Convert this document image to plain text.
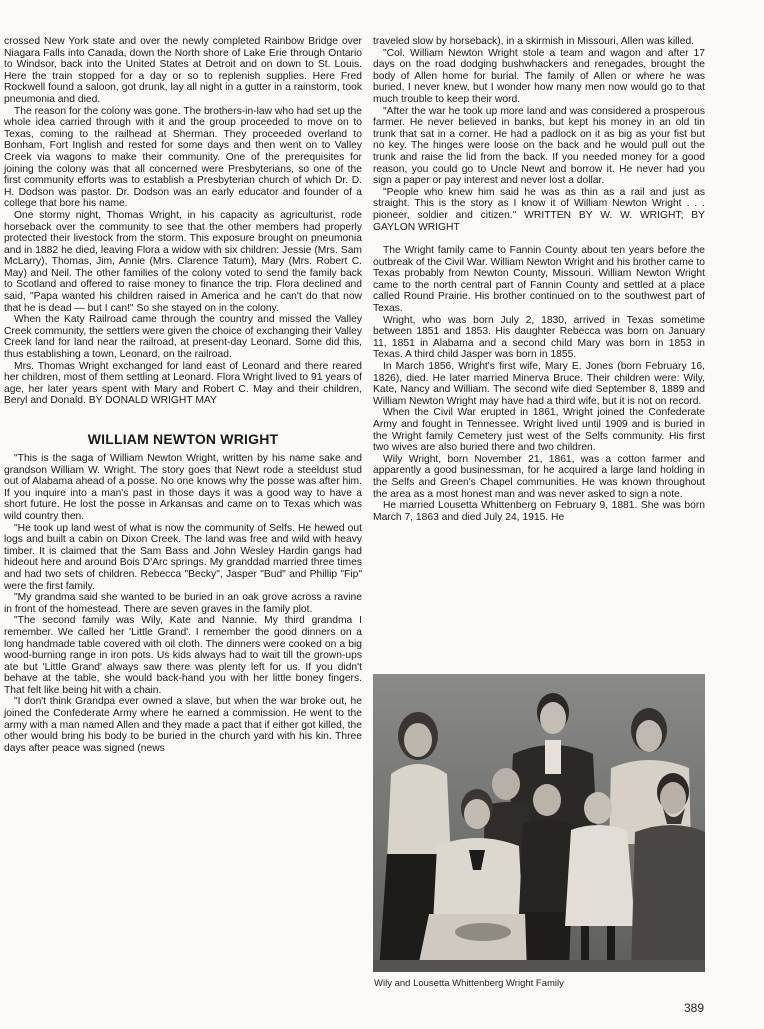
crossed New York state and over the newly completed Rainbow Bridge over Niagara Falls into Canada, down the North shore of Lake Erie through Ontario to Windsor, back into the United States at Detroit and on down to St. Louis. Here the train stopped for a day or so to replenish supplies. Here Fred Rockwell found a saloon, got drunk, lay all night in a gutter in a rainstorm, took pneumonia and died.

The reason for the colony was gone. The brothers-in-law who had set up the whole idea carried through with it and the group proceeded to move on to Texas, coming to the railhead at Sherman. They proceeded overland to Bonham, Fort Inglish and rested for some days and then went on to Valley Creek via wagons to make their community. One of the prerequisites for joining the colony was that all concerned were Presbyterians, so one of the first community efforts was to establish a Presbyterian church of which Dr. D. H. Dodson was pastor. Dr. Dodson was an early educator and founder of a college that bore his name.

One stormy night, Thomas Wright, in his capacity as agriculturist, rode horseback over the community to see that the other members had properly protected their livestock from the storm. This exposure brought on pneumonia and in 1882 he died, leaving Flora a widow with six children: Jessie (Mrs. Sam McLarry), Thomas, Jim, Annie (Mrs. Clarence Tatum), Mary (Mrs. Robert C. May) and Neil. The other families of the colony voted to send the family back to Scotland and offered to raise money to finance the trip. Flora declined and said, "Papa wanted his children raised in America and he can't do that now that he is dead — but I can!" So she stayed on in the colony.

When the Katy Railroad came through the country and missed the Valley Creek community, the settlers were given the choice of exchanging their Valley Creek land for land near the railroad, at present-day Leonard. Some did this, thus establishing a town, Leonard, on the railroad.

Mrs. Thomas Wright exchanged for land east of Leonard and there reared her children, most of them settling at Leonard. Flora Wright lived to 91 years of age, her later years spent with Mary and Robert C. May and their children, Beryl and Donald. BY DONALD WRIGHT MAY

WILLIAM NEWTON WRIGHT

"This is the saga of William Newton Wright, written by his name sake and grandson William W. Wright. The story goes that Newt rode a steeldust stud out of Alabama ahead of a posse. No one knows why the posse was after him. If you inquire into a man's past in those days it was a good way to have a short future. He lost the posse in Arkansas and came on to Texas which was wild country then.

"He took up land west of what is now the community of Selfs. He hewed out logs and built a cabin on Dixon Creek. The land was free and wild with heavy timber. It is claimed that the Sam Bass and John Wesley Hardin gangs had hideout here and around Bois D'Arc springs. My granddad married three times and had two sets of children. Rebecca "Becky", Jasper "Bud" and Phillip "Fip" were the first family.

"My grandma said she wanted to be buried in an oak grove across a ravine in front of the homestead. There are seven graves in the family plot.

"The second family was Wily, Kate and Nannie. My third grandma I remember. We called her 'Little Grand'. I remember the good dinners on a long handmade table covered with oil cloth. The dinners were cooked on a big wood-burning range in iron pots. Us kids always had to wait till the grown-ups ate but 'Little Grand' always saw there was plenty left for us. If you didn't behave at the table, she would back-hand you with her little boney fingers. That felt like being hit with a chain.

"I don't think Grandpa ever owned a slave, but when the war broke out, he joined the Confederate Army where he earned a commission. He went to the army with a man named Allen and they made a pact that if either got killed, the other would bring his body to be buried in the church yard with his kin. Three days after peace was signed (news

traveled slow by horseback), in a skirmish in Missouri, Allen was killed.

"Col. William Newton Wright stole a team and wagon and after 17 days on the road dodging bushwhackers and renegades, brought the body of Allen home for burial. The family of Allen or where he was buried, I never knew, but I wonder how many men now would go to that much trouble to keep their word.

"After the war he took up more land and was considered a prosperous farmer. He never believed in banks, but kept his money in an old tin trunk that sat in a corner. He had a padlock on it as big as your fist but no key. The hinges were loose on the back and he would pull out the trunk and raise the lid from the back. If you needed money for a good reason, you could go to Uncle Newt and borrow it. He never had you sign a paper or pay interest and never lost a dollar.

"People who knew him said he was as thin as a rail and just as straight. This is the story as I know it of William Newton Wright . . . pioneer, soldier and citizen." WRITTEN BY W. W. WRIGHT; BY GAYLON WRIGHT

The Wright family came to Fannin County about ten years before the outbreak of the Civil War. William Newton Wright and his brother came to Texas probably from Newton County, Missouri. William Newton Wright came to the north central part of Fannin County and settled at a place called Round Prairie. His brother continued on to the southwest part of Texas.

Wright, who was born July 2, 1830, arrived in Texas sometime between 1851 and 1853. His daughter Rebecca was born on January 11, 1851 in Alabama and a second child Mary was born in 1853 in Texas. A third child Jasper was born in 1855.

In March 1856, Wright's first wife, Mary E. Jones (born February 16, 1826), died. He later married Minerva Bruce. Their children were: Wily, Kate, Nancy and William. The second wife died September 8, 1889 and William Newton Wright may have had a third wife, but it is not on record.

When the Civil War erupted in 1861, Wright joined the Confederate Army and fought in Tennessee. Wright lived until 1909 and is buried in the Wright family Cemetery just west of the Selfs community. His first two wives are also buried there and two children.

Wily Wright, born November 21, 1861, was a cotton farmer and apparently a good businessman, for he acquired a large land holding in the Selfs and Green's Chapel communities. He was known throughout the area as a most honest man and was never asked to sign a note.

He married Lousetta Whittenberg on February 9, 1881. She was born March 7, 1863 and died July 24, 1915. He

Wily and Lousetta Whittenberg Wright Family
389
